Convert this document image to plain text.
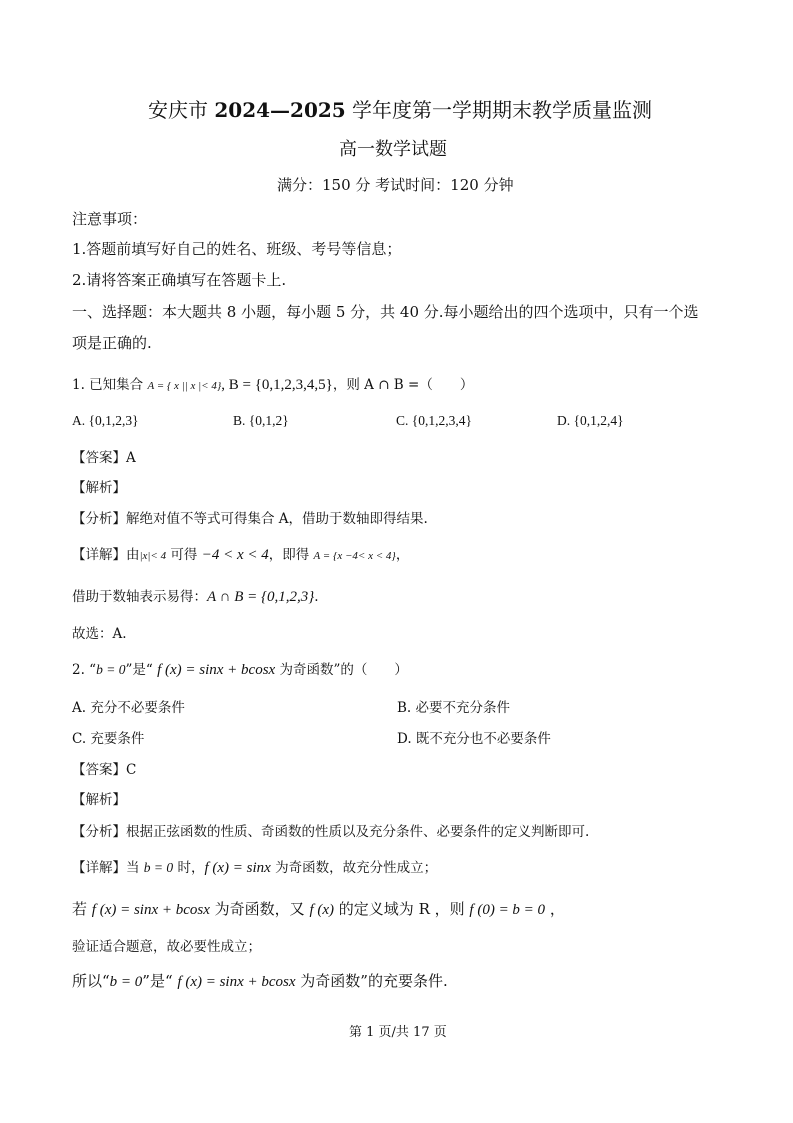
安庆市 2024—2025 学年度第一学期期末教学质量监测
高一数学试题
满分：150 分 考试时间：120 分钟
注意事项：
1.答题前填写好自己的姓名、班级、考号等信息；
2.请将答案正确填写在答题卡上.
一、选择题：本大题共 8 小题，每小题 5 分，共 40 分.每小题给出的四个选项中，只有一个选
项是正确的.
1. 已知集合 A = { x || x |< 4}, B = {0,1,2,3,4,5}，则 A ∩ B =（　　）
A. {0,1,2,3}	B. {0,1,2}	C. {0,1,2,3,4}	D. {0,1,2,4}
【答案】A
【解析】
【分析】解绝对值不等式可得集合 A，借助于数轴即得结果.
【详解】由|x|< 4 可得 −4 < x < 4，即得 A = {x −4< x < 4}，
借助于数轴表示易得：A ∩ B = {0,1,2,3}.
故选：A.
2. “b = 0”是“ f (x) = sinx + bcosx 为奇函数”的（　　）
A. 充分不必要条件	B. 必要不充分条件
C. 充要条件	D. 既不充分也不必要条件
【答案】C
【解析】
【分析】根据正弦函数的性质、奇函数的性质以及充分条件、必要条件的定义判断即可.
【详解】当 b = 0 时，f (x) = sinx 为奇函数，故充分性成立；
若 f (x) = sinx + bcosx 为奇函数，又 f (x) 的定义域为 R ，则 f (0) = b = 0 ，
验证适合题意，故必要性成立；
所以“b = 0”是“ f (x) = sinx + bcosx 为奇函数”的充要条件.
第 1 页/共 17 页
